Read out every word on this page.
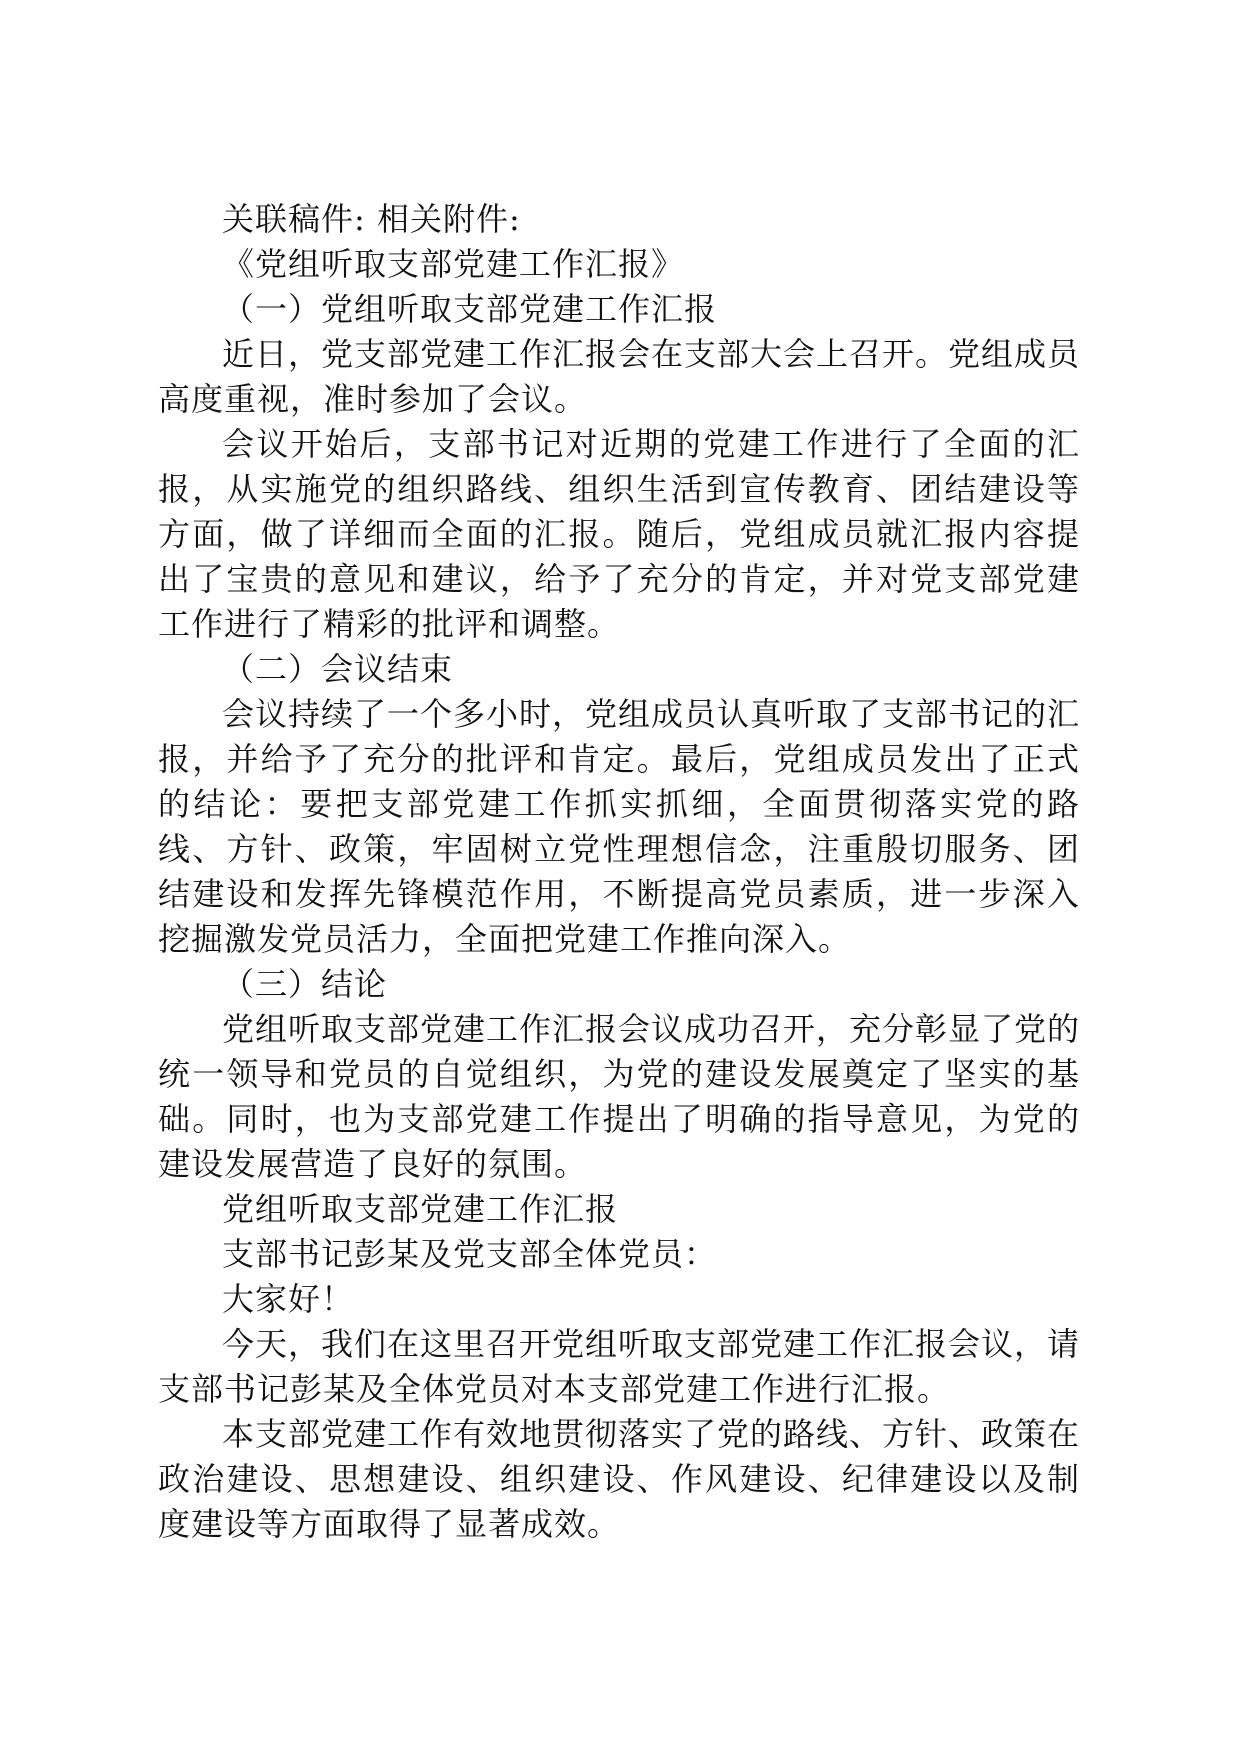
关联稿件: 相关附件:

《党组听取支部党建工作汇报》

（一）党组听取支部党建工作汇报

近日，党支部党建工作汇报会在支部大会上召开。党组成员高度重视，准时参加了会议。

会议开始后，支部书记对近期的党建工作进行了全面的汇报，从实施党的组织路线、组织生活到宣传教育、团结建设等方面，做了详细而全面的汇报。随后，党组成员就汇报内容提出了宝贵的意见和建议，给予了充分的肯定，并对党支部党建工作进行了精彩的批评和调整。

（二）会议结束

会议持续了一个多小时，党组成员认真听取了支部书记的汇报，并给予了充分的批评和肯定。最后，党组成员发出了正式的结论：要把支部党建工作抓实抓细，全面贯彻落实党的路线、方针、政策，牢固树立党性理想信念，注重殷切服务、团结建设和发挥先锋模范作用，不断提高党员素质，进一步深入挖掘激发党员活力，全面把党建工作推向深入。

（三）结论

党组听取支部党建工作汇报会议成功召开，充分彰显了党的统一领导和党员的自觉组织，为党的建设发展奠定了坚实的基础。同时，也为支部党建工作提出了明确的指导意见，为党的建设发展营造了良好的氛围。

党组听取支部党建工作汇报

支部书记彭某及党支部全体党员：

大家好！

今天，我们在这里召开党组听取支部党建工作汇报会议，请支部书记彭某及全体党员对本支部党建工作进行汇报。

本支部党建工作有效地贯彻落实了党的路线、方针、政策在政治建设、思想建设、组织建设、作风建设、纪律建设以及制度建设等方面取得了显著成效。
